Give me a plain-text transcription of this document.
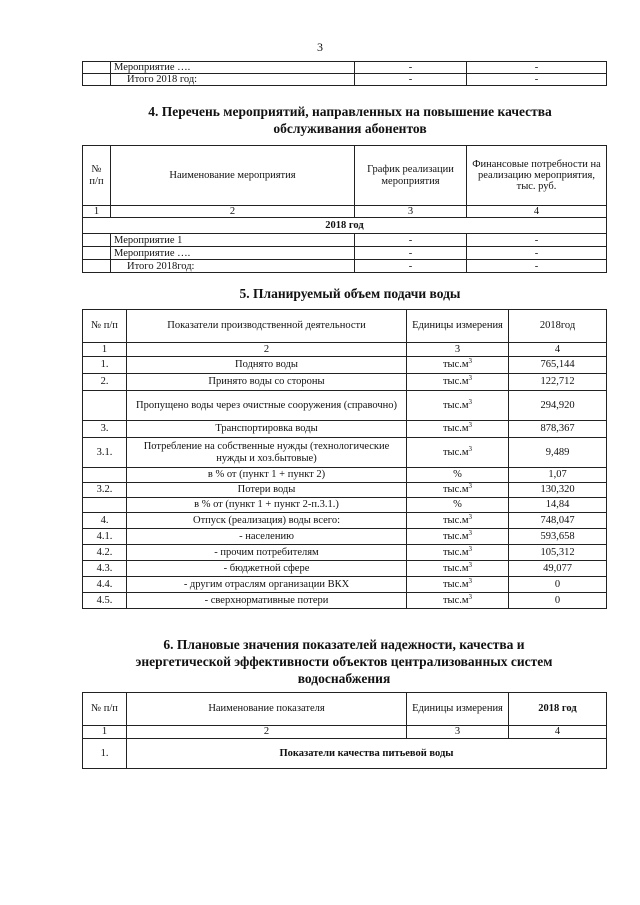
3
	Мероприятие ….	-	-
	Итого 2018 год:	-	-
4. Перечень мероприятий, направленных на повышение качества
обслуживания абонентов
№ п/п	Наименование мероприятия	График реализации мероприятия	Финансовые потребности на реализацию мероприятия, тыс. руб.
1	2	3	4
2018 год			
	Мероприятие 1	-	-
	Мероприятие ….	-	-
	Итого 2018год:	-	-
5. Планируемый объем подачи воды
№ п/п	Показатели производственной деятельности	Единицы измерения	2018год
1	2	3	4
1.	Поднято воды	$тыс.м^3$	765,144
2.	Принято воды со стороны	$тыс.м^3$	122,712
	Пропущено воды через очистные сооружения (справочно)	$тыс.м^3$	294,920
3.	Транспортировка воды	$тыс.м^3$	878,367
3.1.	Потребление на собственные нужды (технологические нужды и хоз.бытовые)	$тыс.м^3$	9,489
	в % от (пункт 1 + пункт 2)	%	1,07
3.2.	Потери воды	$тыс.м^3$	130,320
	в % от (пункт 1 + пункт 2-п.3.1.)	%	14,84
4.	Отпуск (реализация) воды всего:	$тыс.м^3$	748,047
4.1.	- населению	$тыс.м^3$	593,658
4.2.	- прочим потребителям	$тыс.м^3$	105,312
4.3.	- бюджетной сфере	$тыс.м^3$	49,077
4.4.	- другим отраслям организации ВКХ	$тыс.м^3$	0
4.5.	- сверхнормативные потери	$тыс.м^3$	0
6. Плановые значения показателей надежности, качества и
энергетической эффективности объектов централизованных систем
водоснабжения
№ п/п	Наименование показателя	Единицы измерения	2018 год
1	2	3	4
1.	Показатели качества питьевой воды		
